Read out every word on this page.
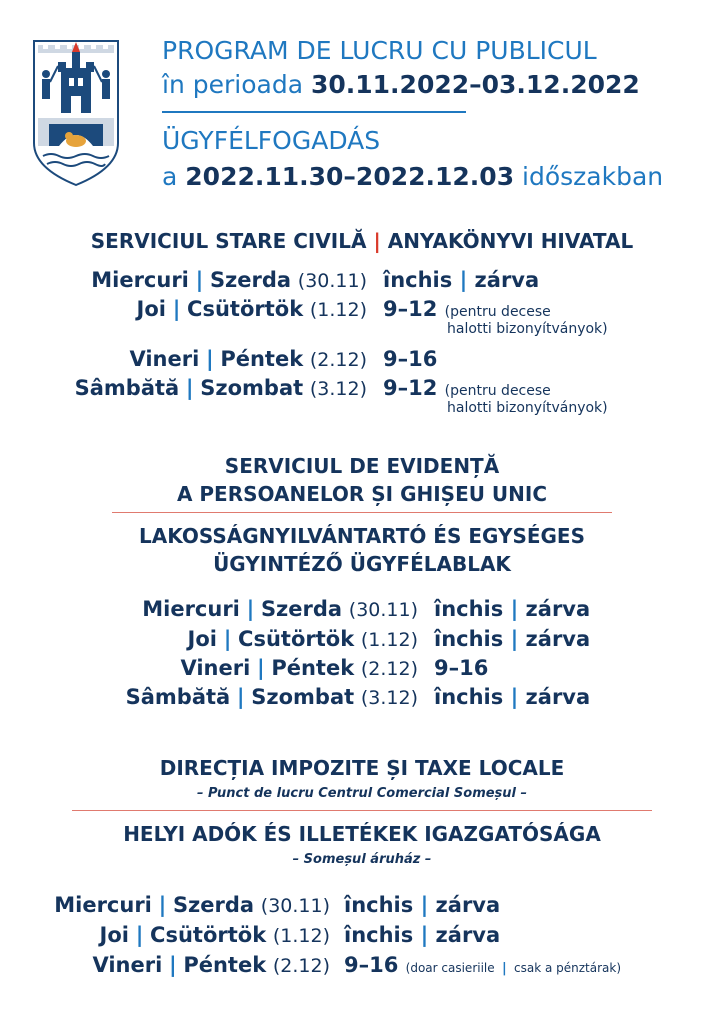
PROGRAM DE LUCRU CU PUBLICUL
în perioada 30.11.2022–03.12.2022
ÜGYFÉLFOGADÁS
a 2022.11.30–2022.12.03 időszakban
SERVICIUL STARE CIVILĂ | ANYAKÖNYVI HIVATAL
Miercuri | Szerda (30.11) închis | zárva
Joi | Csütörtök (1.12) 9–12 (pentru decese
halotti bizonyítványok)
Vineri | Péntek (2.12) 9–16
Sâmbătă | Szombat (3.12) 9–12 (pentru decese
halotti bizonyítványok)
SERVICIUL DE EVIDENȚĂ
A PERSOANELOR ȘI GHIȘEU UNIC
LAKOSSÁGNYILVÁNTARTÓ ÉS EGYSÉGES
ÜGYINTÉZŐ ÜGYFÉLABLAK
Miercuri | Szerda (30.11) închis | zárva
Joi | Csütörtök (1.12) închis | zárva
Vineri | Péntek (2.12) 9–16
Sâmbătă | Szombat (3.12) închis | zárva
DIRECȚIA IMPOZITE ȘI TAXE LOCALE
– Punct de lucru Centrul Comercial Someșul –
HELYI ADÓK ÉS ILLETÉKEK IGAZGATÓSÁGA
– Someșul áruház –
Miercuri | Szerda (30.11) închis | zárva
Joi | Csütörtök (1.12) închis | zárva
Vineri | Péntek (2.12) 9–16 (doar casieriile | csak a pénztárak)
